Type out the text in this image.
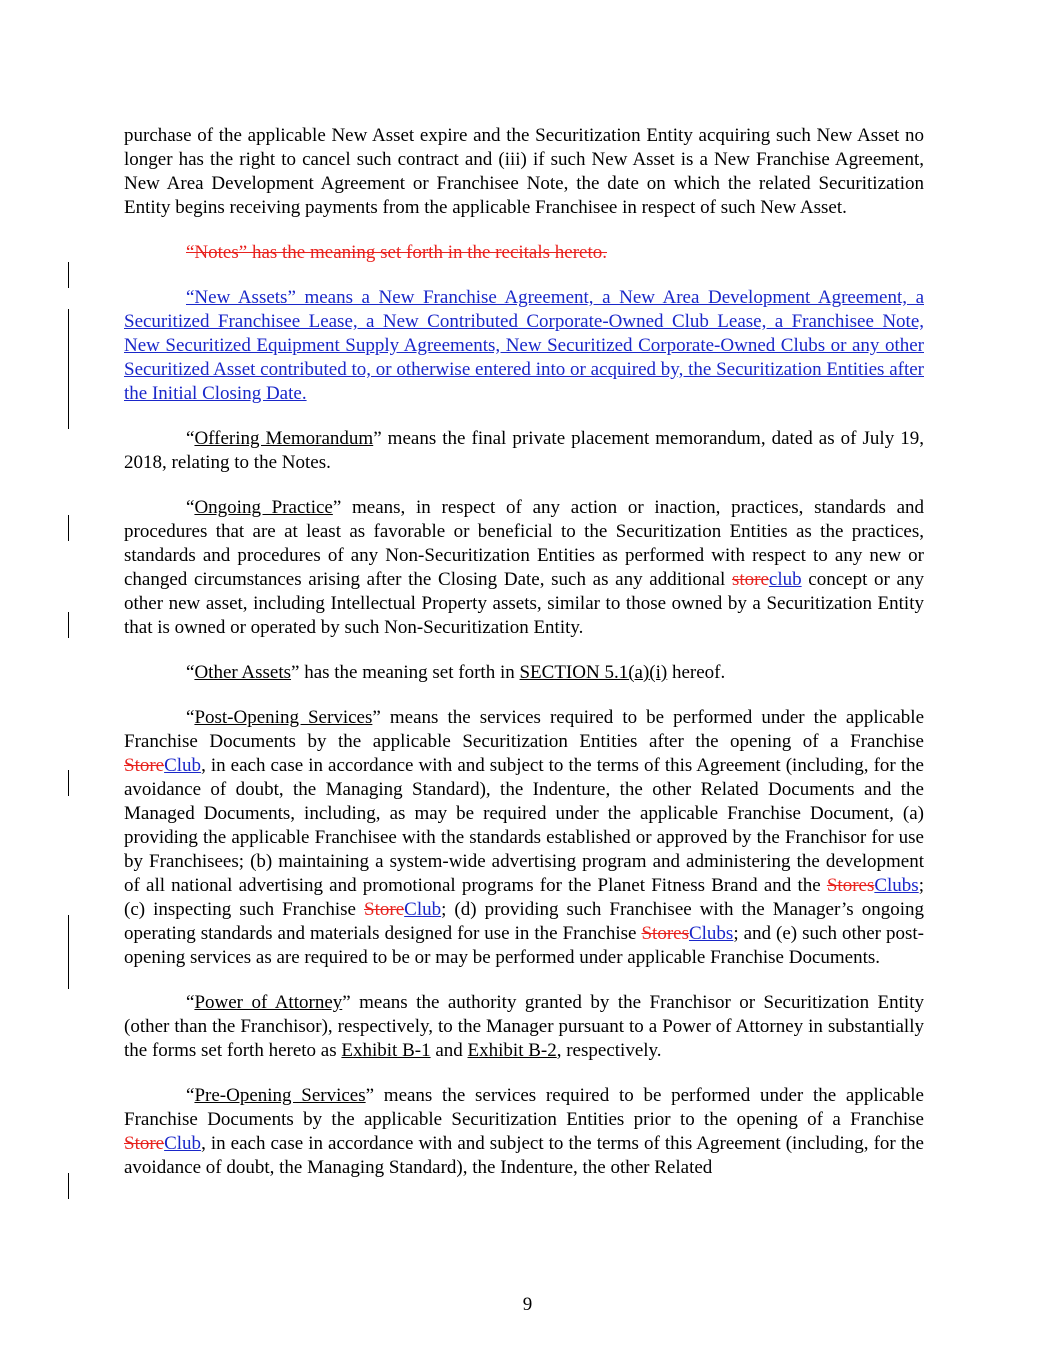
purchase of the applicable New Asset expire and the Securitization Entity acquiring such New Asset no longer has the right to cancel such contract and (iii) if such New Asset is a New Franchise Agreement, New Area Development Agreement or Franchisee Note, the date on which the related Securitization Entity begins receiving payments from the applicable Franchisee in respect of such New Asset.

“Notes” has the meaning set forth in the recitals hereto.

“New Assets” means a New Franchise Agreement, a New Area Development Agreement, a Securitized Franchisee Lease, a New Contributed Corporate-Owned Club Lease, a Franchisee Note, New Securitized Equipment Supply Agreements, New Securitized Corporate-Owned Clubs or any other Securitized Asset contributed to, or otherwise entered into or acquired by, the Securitization Entities after the Initial Closing Date.

“Offering Memorandum” means the final private placement memorandum, dated as of July 19, 2018, relating to the Notes.

“Ongoing Practice” means, in respect of any action or inaction, practices, standards and procedures that are at least as favorable or beneficial to the Securitization Entities as the practices, standards and procedures of any Non-Securitization Entities as performed with respect to any new or changed circumstances arising after the Closing Date, such as any additional storeclub concept or any other new asset, including Intellectual Property assets, similar to those owned by a Securitization Entity that is owned or operated by such Non-Securitization Entity.

“Other Assets” has the meaning set forth in SECTION 5.1(a)(i) hereof.

“Post-Opening Services” means the services required to be performed under the applicable Franchise Documents by the applicable Securitization Entities after the opening of a Franchise StoreClub, in each case in accordance with and subject to the terms of this Agreement (including, for the avoidance of doubt, the Managing Standard), the Indenture, the other Related Documents and the Managed Documents, including, as may be required under the applicable Franchise Document, (a) providing the applicable Franchisee with the standards established or approved by the Franchisor for use by Franchisees; (b) maintaining a system-wide advertising program and administering the development of all national advertising and promotional programs for the Planet Fitness Brand and the StoresClubs; (c) inspecting such Franchise StoreClub; (d) providing such Franchisee with the Manager’s ongoing operating standards and materials designed for use in the Franchise StoresClubs; and (e) such other post-opening services as are required to be or may be performed under applicable Franchise Documents.

“Power of Attorney” means the authority granted by the Franchisor or Securitization Entity (other than the Franchisor), respectively, to the Manager pursuant to a Power of Attorney in substantially the forms set forth hereto as Exhibit B-1 and Exhibit B-2, respectively.

“Pre-Opening Services” means the services required to be performed under the applicable Franchise Documents by the applicable Securitization Entities prior to the opening of a Franchise StoreClub, in each case in accordance with and subject to the terms of this Agreement (including, for the avoidance of doubt, the Managing Standard), the Indenture, the other Related

9
